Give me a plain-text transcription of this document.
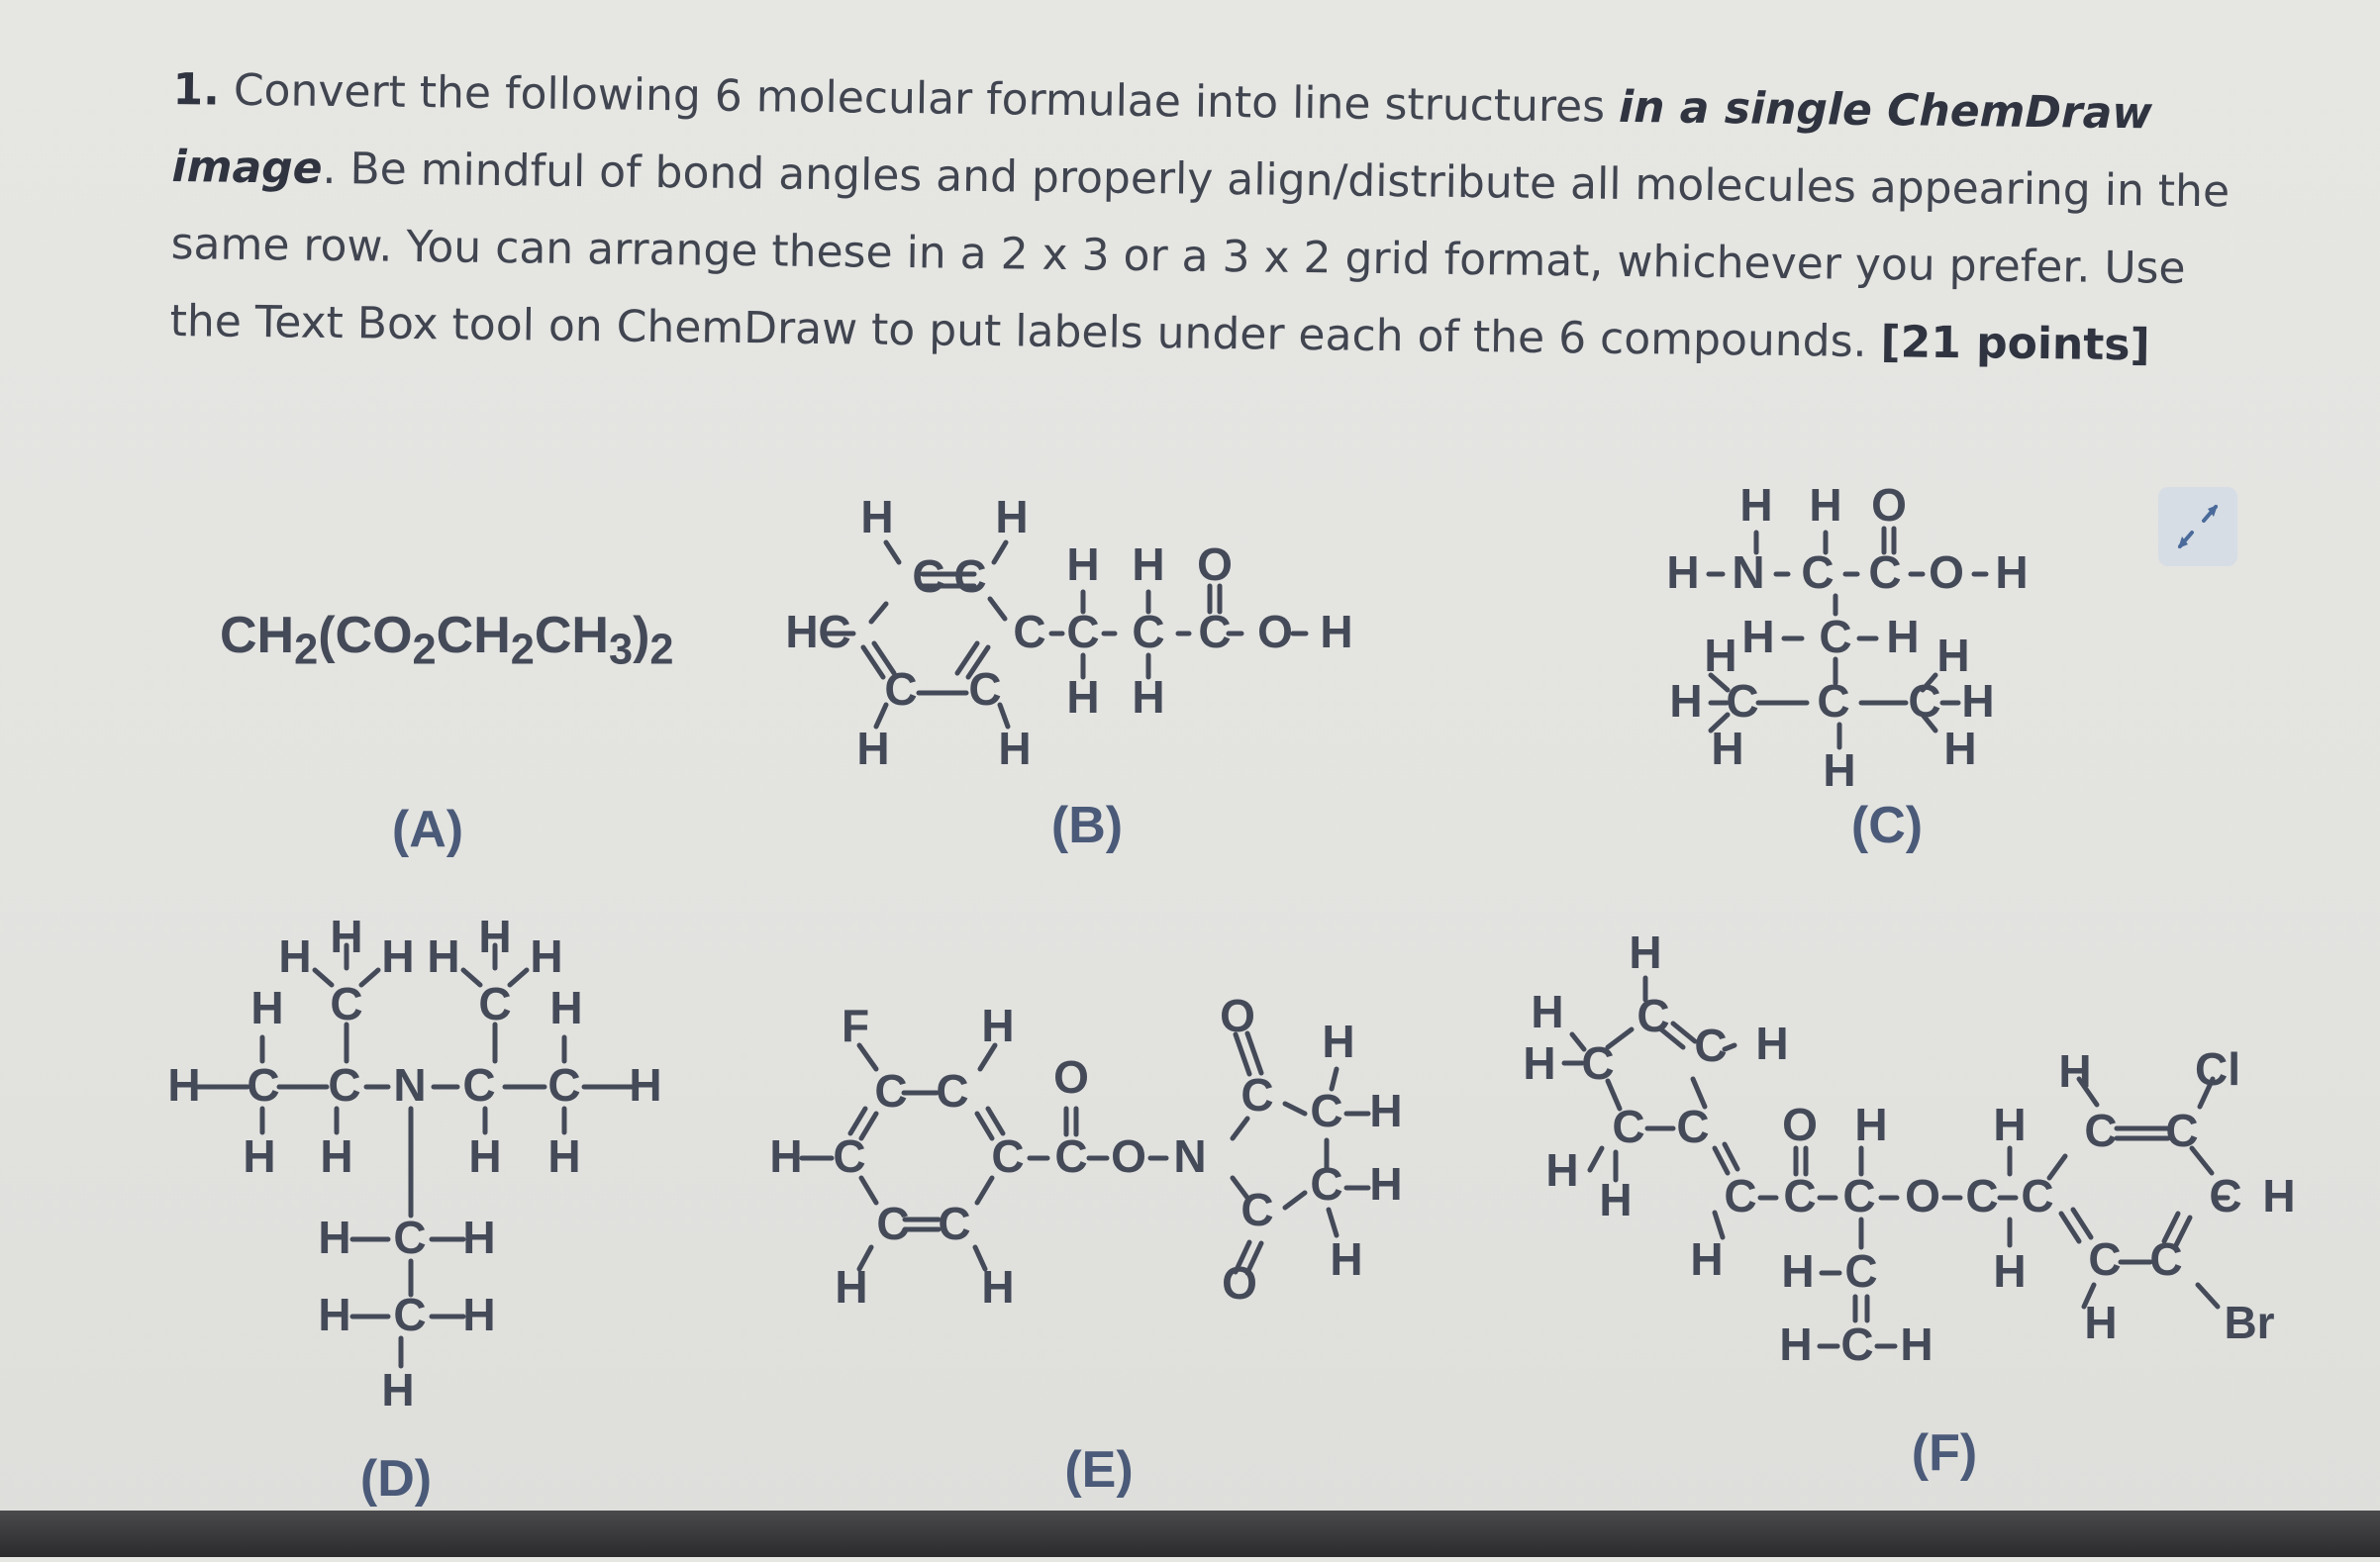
1. Convert the following 6 molecular formulae into line structures in a single ChemDraw image. Be mindful of bond angles and properly align/distribute all molecules appearing in the same row. You can arrange these in a 2 x 3 or a 3 x 2 grid format, whichever you prefer. Use the Text Box tool on ChemDraw to put labels under each of the 6 compounds. [21 points]
$CH_2(CO_2CH_2CH_3)_2$
H H
C C
H C	C C C C O H
H H O
H H
C C
H H
H H O
H N C C O H
H C H
H	H
H C C C H
H H H
H H H H H H
H C	C H
H C C N C C H
H H	H H
H C H
H C H
H
F H
C C O
H C	C C O N
O H
C C H
C C H
O H
C C
H H
H
H C
C H
H C
C C
H
H
O H H
C C C O C C
H H C
H C H
H
H Cl
C C
C H
C C
H Br
(A)	(B)	(C)
(D)	(E)	(F)
